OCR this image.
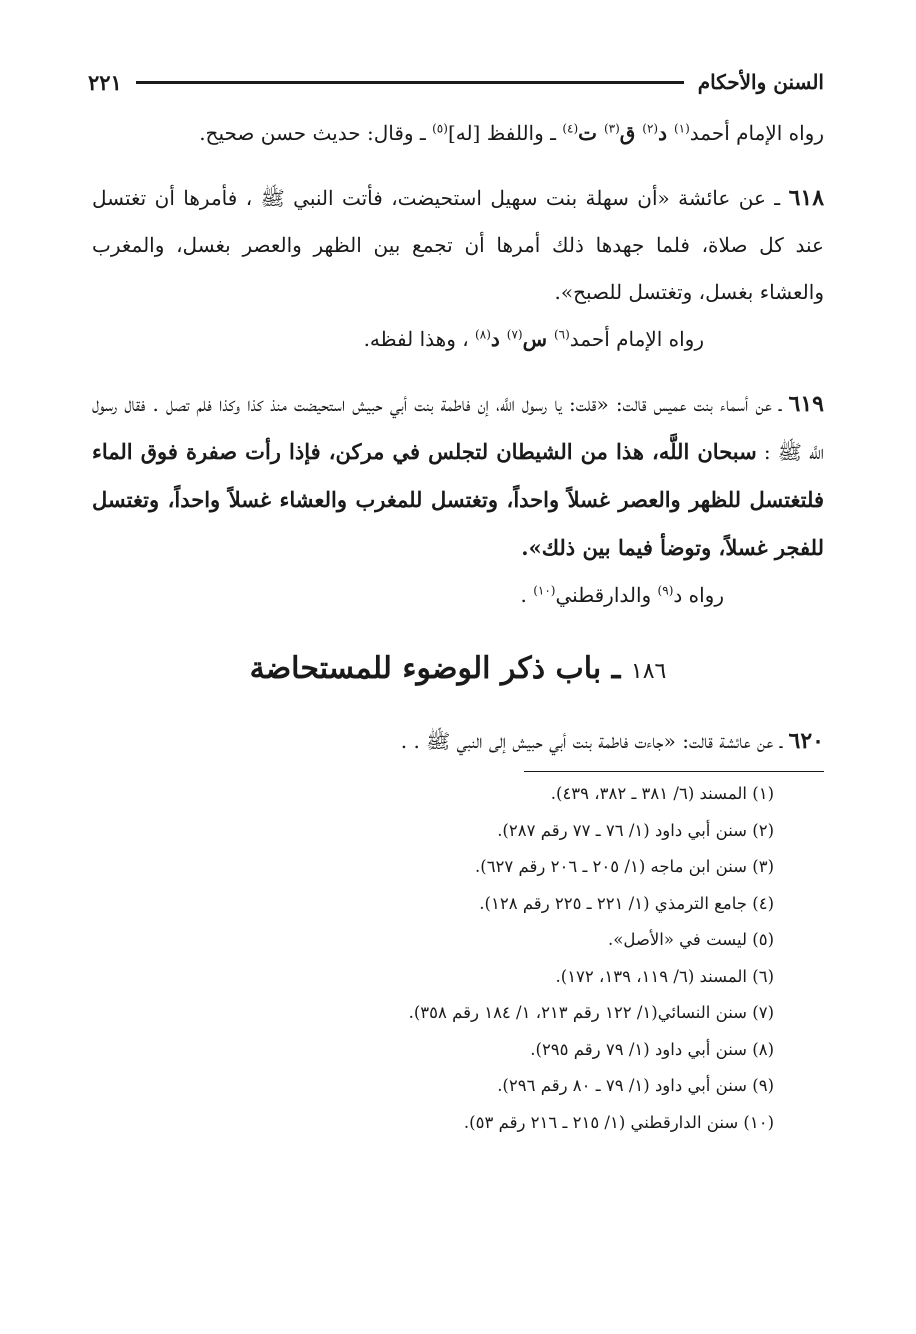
السنن والأحكام
٢٢١

رواه الإمام أحمد$^{(١)}$ د$^{(٢)}$ ق$^{(٣)}$ ت$^{(٤)}$ ـ واللفظ [له]$^{(٥)}$ ـ وقال: حديث حسن صحيح.

٦١٨ ـ عن عائشة «أن سهلة بنت سهيل استحيضت، فأتت النبي ﷺ ، فأمرها أن تغتسل عند كل صلاة، فلما جهدها ذلك أمرها أن تجمع بين الظهر والعصر بغسل، والمغرب والعشاء بغسل، وتغتسل للصبح».

رواه الإمام أحمد$^{(٦)}$ س$^{(٧)}$ د$^{(٨)}$ ، وهذا لفظه.

٦١٩ ـ عن أسماء بنت عميس قالت: «قلت: يا رسول اللَّه، إن فاطمة بنت أبي حبيش استحيضت منذ كذا وكذا فلم تصل . فقال رسول اللَّه ﷺ : سبحان اللَّه، هذا من الشيطان لتجلس في مركن، فإذا رأت صفرة فوق الماء فلتغتسل للظهر والعصر غسلاً واحداً، وتغتسل للمغرب والعشاء غسلاً واحداً، وتغتسل للفجر غسلاً، وتوضأ فيما بين ذلك».

رواه د$^{(٩)}$ والدارقطني$^{(١٠)}$ .

١٨٦ ـ باب ذكر الوضوء للمستحاضة

٦٢٠ ـ عن عائشة قالت: «جاءت فاطمة بنت أبي حبيش إلى النبي ﷺ . .

(١) المسند (٦/ ٣٨١ ـ ٣٨٢، ٤٣٩).

(٢) سنن أبي داود (١/ ٧٦ ـ ٧٧ رقم ٢٨٧).

(٣) سنن ابن ماجه (١/ ٢٠٥ ـ ٢٠٦ رقم ٦٢٧).

(٤) جامع الترمذي (١/ ٢٢١ ـ ٢٢٥ رقم ١٢٨).

(٥) ليست في «الأصل».

(٦) المسند (٦/ ١١٩، ١٣٩، ١٧٢).

(٧) سنن النسائي(١/ ١٢٢ رقم ٢١٣، ١/ ١٨٤ رقم ٣٥٨).

(٨) سنن أبي داود (١/ ٧٩ رقم ٢٩٥).

(٩) سنن أبي داود (١/ ٧٩ ـ ٨٠ رقم ٢٩٦).

(١٠) سنن الدارقطني (١/ ٢١٥ ـ ٢١٦ رقم ٥٣).
